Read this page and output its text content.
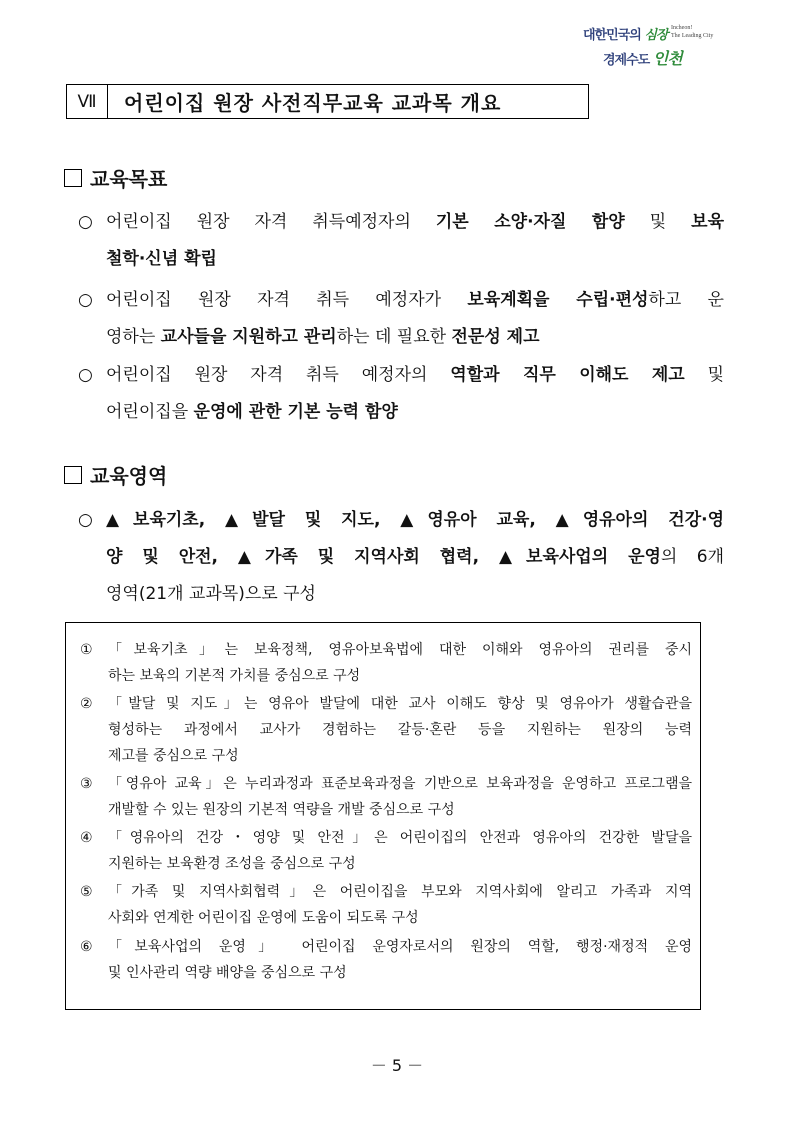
대한민국의 심장
경제수도 인천
Incheon!
The Leading City
Ⅶ	어린이집 원장 사전직무교육 교과목 개요
교육목표
○ 어린이집 원장 자격 취득예정자의 기본 소양·자질 함양 및 보육
철학·신념 확립
○ 어린이집 원장 자격 취득 예정자가 보육계획을 수립·편성하고 운
영하는 교사들을 지원하고 관리하는 데 필요한 전문성 제고
○ 어린이집 원장 자격 취득 예정자의 역할과 직무 이해도 제고 및
어린이집을 운영에 관한 기본 능력 함양
교육영역
○ ▲보육기초, ▲발달 및 지도, ▲영유아 교육, ▲영유아의 건강·영
양 및 안전, ▲가족 및 지역사회 협력, ▲보육사업의 운영의 6개
영역(21개 교과목)으로 구성
① 「보육기초」는 보육정책, 영유아보육법에 대한 이해와 영유아의 권리를 중시
하는 보육의 기본적 가치를 중심으로 구성
② 「발달 및 지도」는 영유아 발달에 대한 교사 이해도 향상 및 영유아가 생활습관을
형성하는 과정에서 교사가 경험하는 갈등·혼란 등을 지원하는 원장의 능력
제고를 중심으로 구성
③ 「영유아 교육」은 누리과정과 표준보육과정을 기반으로 보육과정을 운영하고 프로그램을
개발할 수 있는 원장의 기본적 역량을 개발 중심으로 구성
④ 「영유아의 건강・영양 및 안전」은 어린이집의 안전과 영유아의 건강한 발달을
지원하는 보육환경 조성을 중심으로 구성
⑤ 「가족 및 지역사회협력」은 어린이집을 부모와 지역사회에 알리고 가족과 지역
사회와 연계한 어린이집 운영에 도움이 되도록 구성
⑥ 「보육사업의 운영」 어린이집 운영자로서의 원장의 역할, 행정·재정적 운영
및 인사관리 역량 배양을 중심으로 구성
－ 5 －
